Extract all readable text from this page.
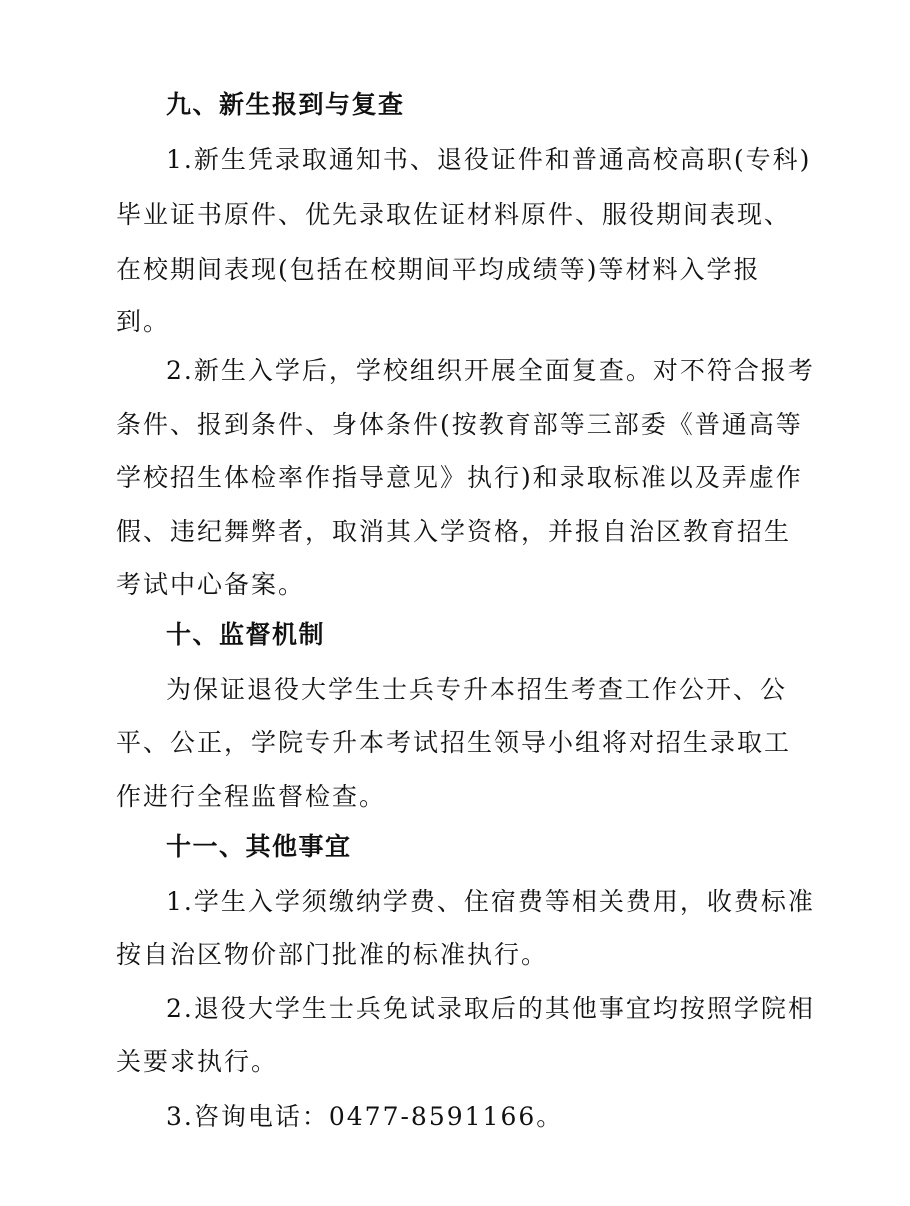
九、新生报到与复查
1.新生凭录取通知书、退役证件和普通高校高职(专科)
毕业证书原件、优先录取佐证材料原件、服役期间表现、
在校期间表现(包括在校期间平均成绩等)等材料入学报
到。
2.新生入学后，学校组织开展全面复查。对不符合报考
条件、报到条件、身体条件(按教育部等三部委《普通高等
学校招生体检率作指导意见》执行)和录取标准以及弄虚作
假、违纪舞弊者，取消其入学资格，并报自治区教育招生
考试中心备案。
十、监督机制
为保证退役大学生士兵专升本招生考查工作公开、公
平、公正，学院专升本考试招生领导小组将对招生录取工
作进行全程监督检查。
十一、其他事宜
1.学生入学须缴纳学费、住宿费等相关费用，收费标准
按自治区物价部门批准的标准执行。
2.退役大学生士兵免试录取后的其他事宜均按照学院相
关要求执行。
3.咨询电话：0477-8591166。
